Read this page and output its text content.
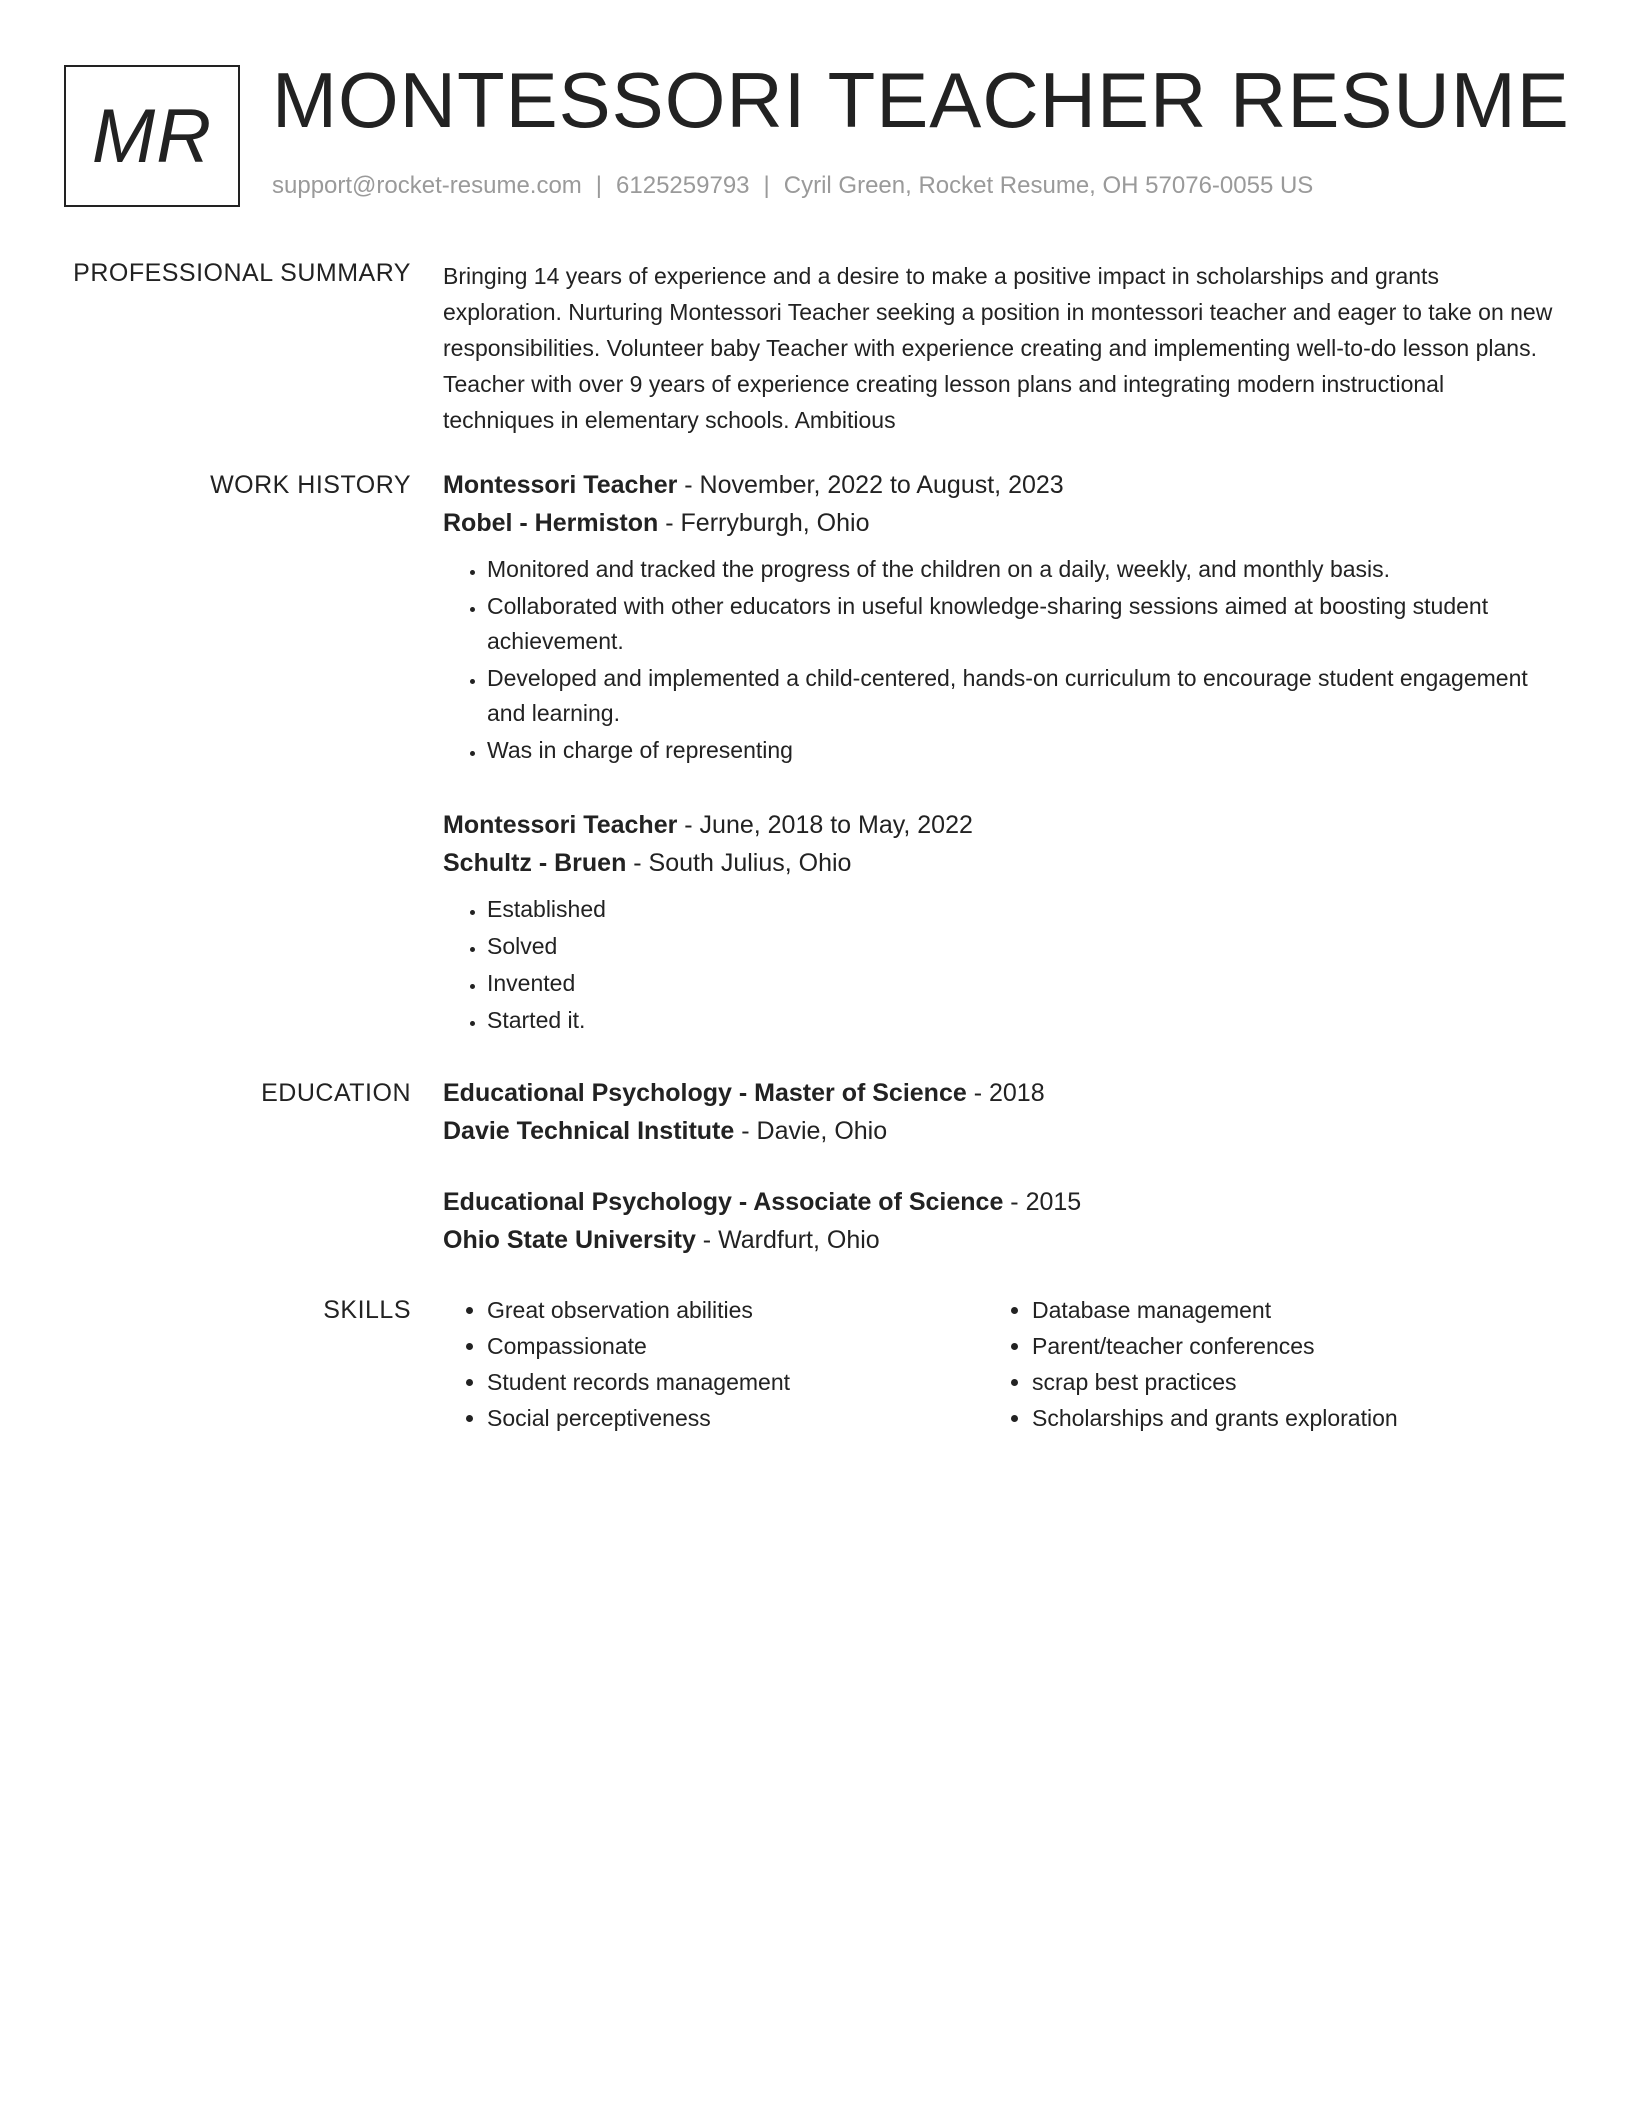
MR MONTESSORI TEACHER RESUME
support@rocket-resume.com | 6125259793 | Cyril Green, Rocket Resume, OH 57076-0055 US
PROFESSIONAL SUMMARY Bringing 14 years of experience and a desire to make a positive impact in scholarships and grants exploration. Nurturing Montessori Teacher seeking a position in montessori teacher and eager to take on new responsibilities. Volunteer baby Teacher with experience creating and implementing well-to-do lesson plans. Teacher with over 9 years of experience creating lesson plans and integrating modern instructional techniques in elementary schools. Ambitious

WORK HISTORY Montessori Teacher - November, 2022 to August, 2023
Robel - Hermiston - Ferryburgh, Ohio
• Monitored and tracked the progress of the children on a daily, weekly, and monthly basis.
• Collaborated with other educators in useful knowledge-sharing sessions aimed at boosting student achievement.
• Developed and implemented a child-centered, hands-on curriculum to encourage student engagement and learning.
• Was in charge of representing
Montessori Teacher - June, 2018 to May, 2022
Schultz - Bruen - South Julius, Ohio
• Established
• Solved
• Invented
• Started it.
EDUCATION Educational Psychology - Master of Science - 2018
Davie Technical Institute - Davie, Ohio
Educational Psychology - Associate of Science - 2015
Ohio State University - Wardfurt, Ohio
SKILLS
•	Great observation abilities
• Compassionate
• Student records management
• Social perceptiveness
• Database management
• Parent/teacher conferences
• scrap best practices
• Scholarships and grants exploration
